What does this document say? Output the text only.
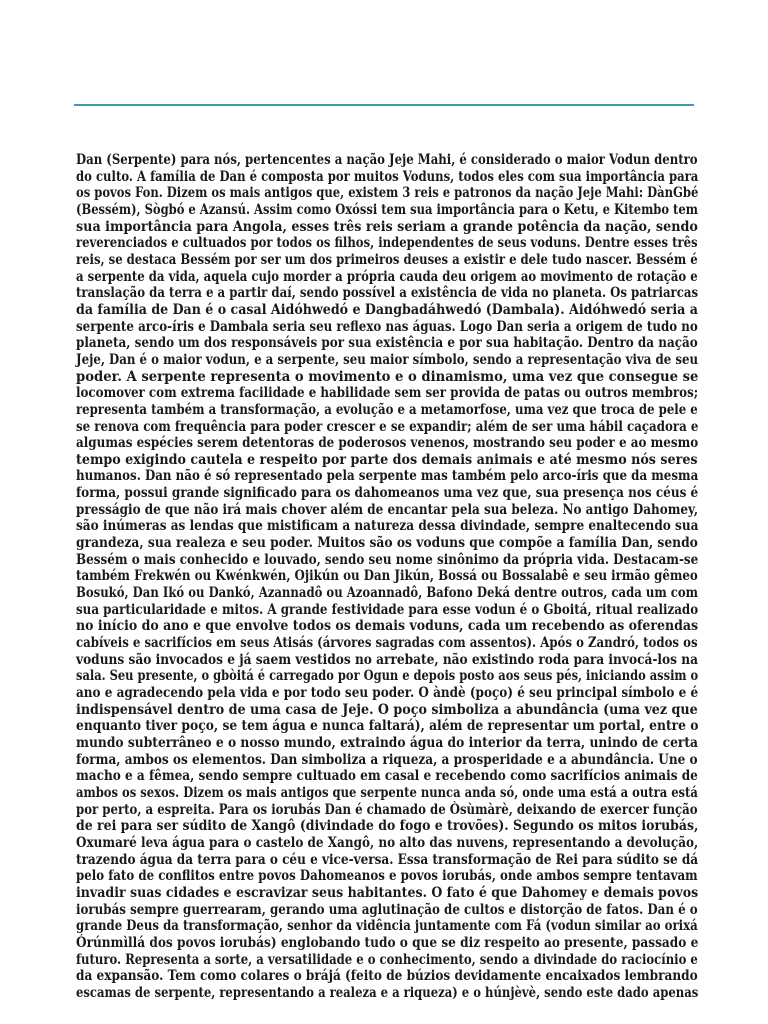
Dan (Serpente) para nós, pertencentes a nação Jeje Mahi, é considerado o maior Vodun dentro
do culto. A família de Dan é composta por muitos Voduns, todos eles com sua importância para
os povos Fon. Dizem os mais antigos que, existem 3 reis e patronos da nação Jeje Mahi: DànGbé
(Bessém), Sògbó e Azansú. Assim como Oxóssi tem sua importância para o Ketu, e Kitembo tem
sua importância para Angola, esses três reis seriam a grande potência da nação, sendo
reverenciados e cultuados por todos os filhos, independentes de seus voduns. Dentre esses três
reis, se destaca Bessém por ser um dos primeiros deuses a existir e dele tudo nascer. Bessém é
a serpente da vida, aquela cujo morder a própria cauda deu origem ao movimento de rotação e
translação da terra e a partir daí, sendo possível a existência de vida no planeta. Os patriarcas
da família de Dan é o casal Aidóhwedó e Dangbadáhwedó (Dambala). Aidóhwedó seria a
serpente arco-íris e Dambala seria seu reflexo nas águas. Logo Dan seria a origem de tudo no
planeta, sendo um dos responsáveis por sua existência e por sua habitação. Dentro da nação
Jeje, Dan é o maior vodun, e a serpente, seu maior símbolo, sendo a representação viva de seu
poder. A serpente representa o movimento e o dinamismo, uma vez que consegue se
locomover com extrema facilidade e habilidade sem ser provida de patas ou outros membros;
representa também a transformação, a evolução e a metamorfose, uma vez que troca de pele e
se renova com frequência para poder crescer e se expandir; além de ser uma hábil caçadora e
algumas espécies serem detentoras de poderosos venenos, mostrando seu poder e ao mesmo
tempo exigindo cautela e respeito por parte dos demais animais e até mesmo nós seres
humanos. Dan não é só representado pela serpente mas também pelo arco-íris que da mesma
forma, possui grande significado para os dahomeanos uma vez que, sua presença nos céus é
presságio de que não irá mais chover além de encantar pela sua beleza. No antigo Dahomey,
são inúmeras as lendas que mistificam a natureza dessa divindade, sempre enaltecendo sua
grandeza, sua realeza e seu poder. Muitos são os voduns que compõe a família Dan, sendo
Bessém o mais conhecido e louvado, sendo seu nome sinônimo da própria vida. Destacam-se
também Frekwén ou Kwénkwén, Ojikún ou Dan Jikún, Bossá ou Bossalabê e seu irmão gêmeo
Bosukó, Dan Ikó ou Dankó, Azannadô ou Azoannadô, Bafono Deká dentre outros, cada um com
sua particularidade e mitos. A grande festividade para esse vodun é o Gboitá, ritual realizado
no início do ano e que envolve todos os demais voduns, cada um recebendo as oferendas
cabíveis e sacrifícios em seus Atisás (árvores sagradas com assentos). Após o Zandró, todos os
voduns são invocados e já saem vestidos no arrebate, não existindo roda para invocá-los na
sala. Seu presente, o gbòitá é carregado por Ogun e depois posto aos seus pés, iniciando assim o
ano e agradecendo pela vida e por todo seu poder. O àndè (poço) é seu principal símbolo e é
indispensável dentro de uma casa de Jeje. O poço simboliza a abundância (uma vez que
enquanto tiver poço, se tem água e nunca faltará), além de representar um portal, entre o
mundo subterrâneo e o nosso mundo, extraindo água do interior da terra, unindo de certa
forma, ambos os elementos. Dan simboliza a riqueza, a prosperidade e a abundância. Une o
macho e a fêmea, sendo sempre cultuado em casal e recebendo como sacrifícios animais de
ambos os sexos. Dizem os mais antigos que serpente nunca anda só, onde uma está a outra está
por perto, a espreita. Para os iorubás Dan é chamado de Òsùmàrè, deixando de exercer função
de rei para ser súdito de Xangô (divindade do fogo e trovões). Segundo os mitos iorubás,
Oxumaré leva água para o castelo de Xangô, no alto das nuvens, representando a devolução,
trazendo água da terra para o céu e vice-versa. Essa transformação de Rei para súdito se dá
pelo fato de conflitos entre povos Dahomeanos e povos iorubás, onde ambos sempre tentavam
invadir suas cidades e escravizar seus habitantes. O fato é que Dahomey e demais povos
iorubás sempre guerrearam, gerando uma aglutinação de cultos e distorção de fatos. Dan é o
grande Deus da transformação, senhor da vidência juntamente com Fá (vodun similar ao orixá
Órúnmìllá dos povos iorubás) englobando tudo o que se diz respeito ao presente, passado e
futuro. Representa a sorte, a versatilidade e o conhecimento, sendo a divindade do raciocínio e
da expansão. Tem como colares o brájá (feito de búzios devidamente encaixados lembrando
escamas de serpente, representando a realeza e a riqueza) e o húnjèvè, sendo este dado apenas
